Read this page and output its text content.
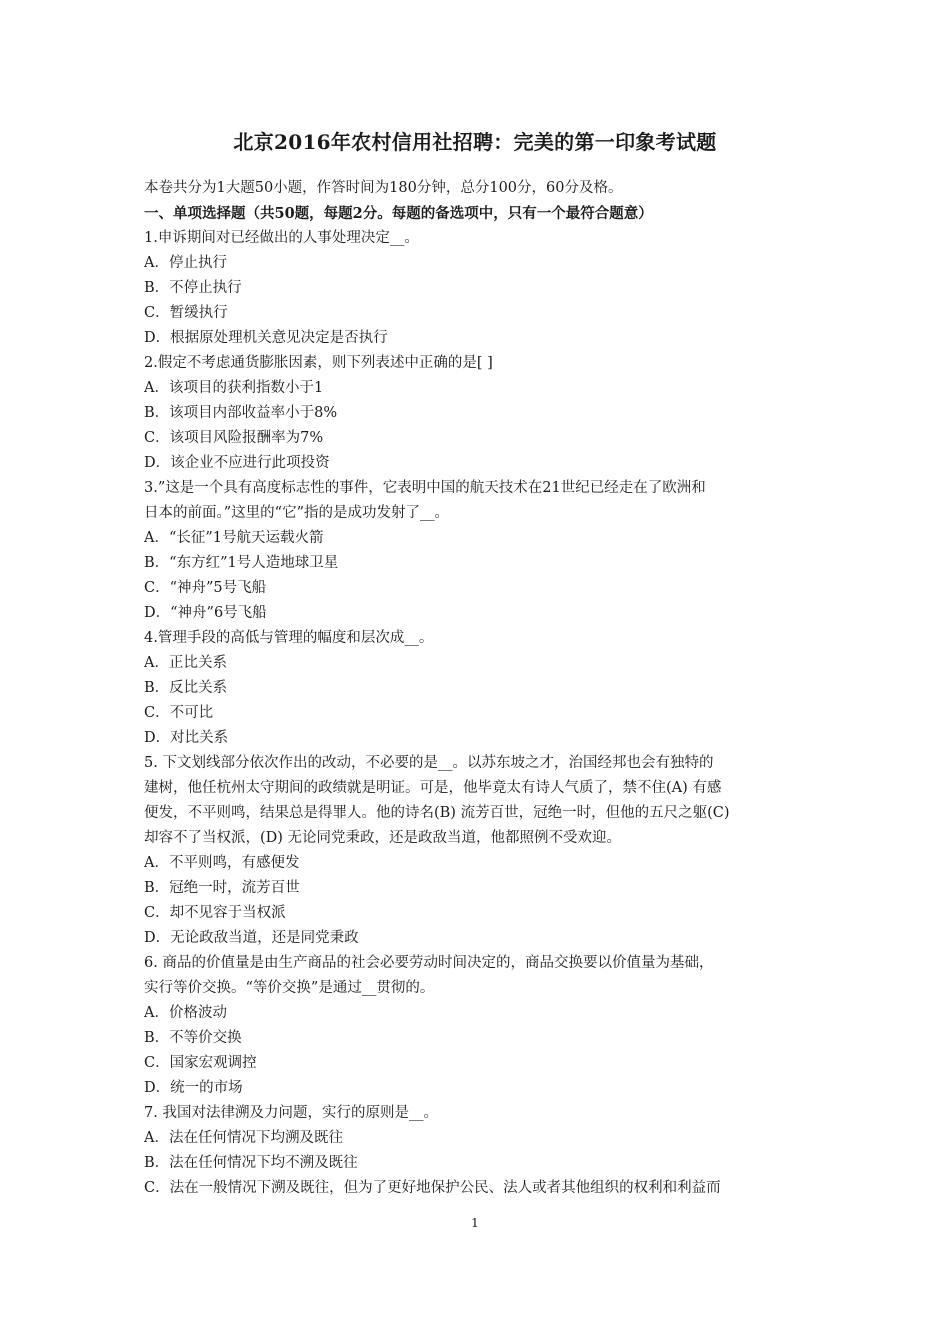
北京2016年农村信用社招聘：完美的第一印象考试题
本卷共分为1大题50小题，作答时间为180分钟，总分100分，60分及格。
一、单项选择题（共50题，每题2分。每题的备选项中，只有一个最符合题意）
1.申诉期间对已经做出的人事处理决定__。
A．停止执行
B．不停止执行
C．暂缓执行
D．根据原处理机关意见决定是否执行
2.假定不考虑通货膨胀因素，则下列表述中正确的是[ ]
A．该项目的获利指数小于1
B．该项目内部收益率小于8%
C．该项目风险报酬率为7%
D．该企业不应进行此项投资
3.”这是一个具有高度标志性的事件，它表明中国的航天技术在21世纪已经走在了欧洲和
日本的前面。”这里的“它”指的是成功发射了__。
A．“长征”1号航天运载火箭
B．“东方红”1号人造地球卫星
C．“神舟”5号飞船
D．“神舟”6号飞船
4.管理手段的高低与管理的幅度和层次成__。
A．正比关系
B．反比关系
C．不可比
D．对比关系
5. 下文划线部分依次作出的改动，不必要的是__。以苏东坡之才，治国经邦也会有独特的
建树，他任杭州太守期间的政绩就是明证。可是，他毕竟太有诗人气质了，禁不住(A) 有感
便发，不平则鸣，结果总是得罪人。他的诗名(B) 流芳百世，冠绝一时，但他的五尺之躯(C)
却容不了当权派，(D) 无论同党秉政，还是政敌当道，他都照例不受欢迎。
A．不平则鸣，有感便发
B．冠绝一时，流芳百世
C．却不见容于当权派
D．无论政敌当道，还是同党秉政
6. 商品的价值量是由生产商品的社会必要劳动时间决定的，商品交换要以价值量为基础，
实行等价交换。“等价交换”是通过__贯彻的。
A．价格波动
B．不等价交换
C．国家宏观调控
D．统一的市场
7. 我国对法律溯及力问题，实行的原则是__。
A．法在任何情况下均溯及既往
B．法在任何情况下均不溯及既往
C．法在一般情况下溯及既往，但为了更好地保护公民、法人或者其他组织的权利和利益而
1
